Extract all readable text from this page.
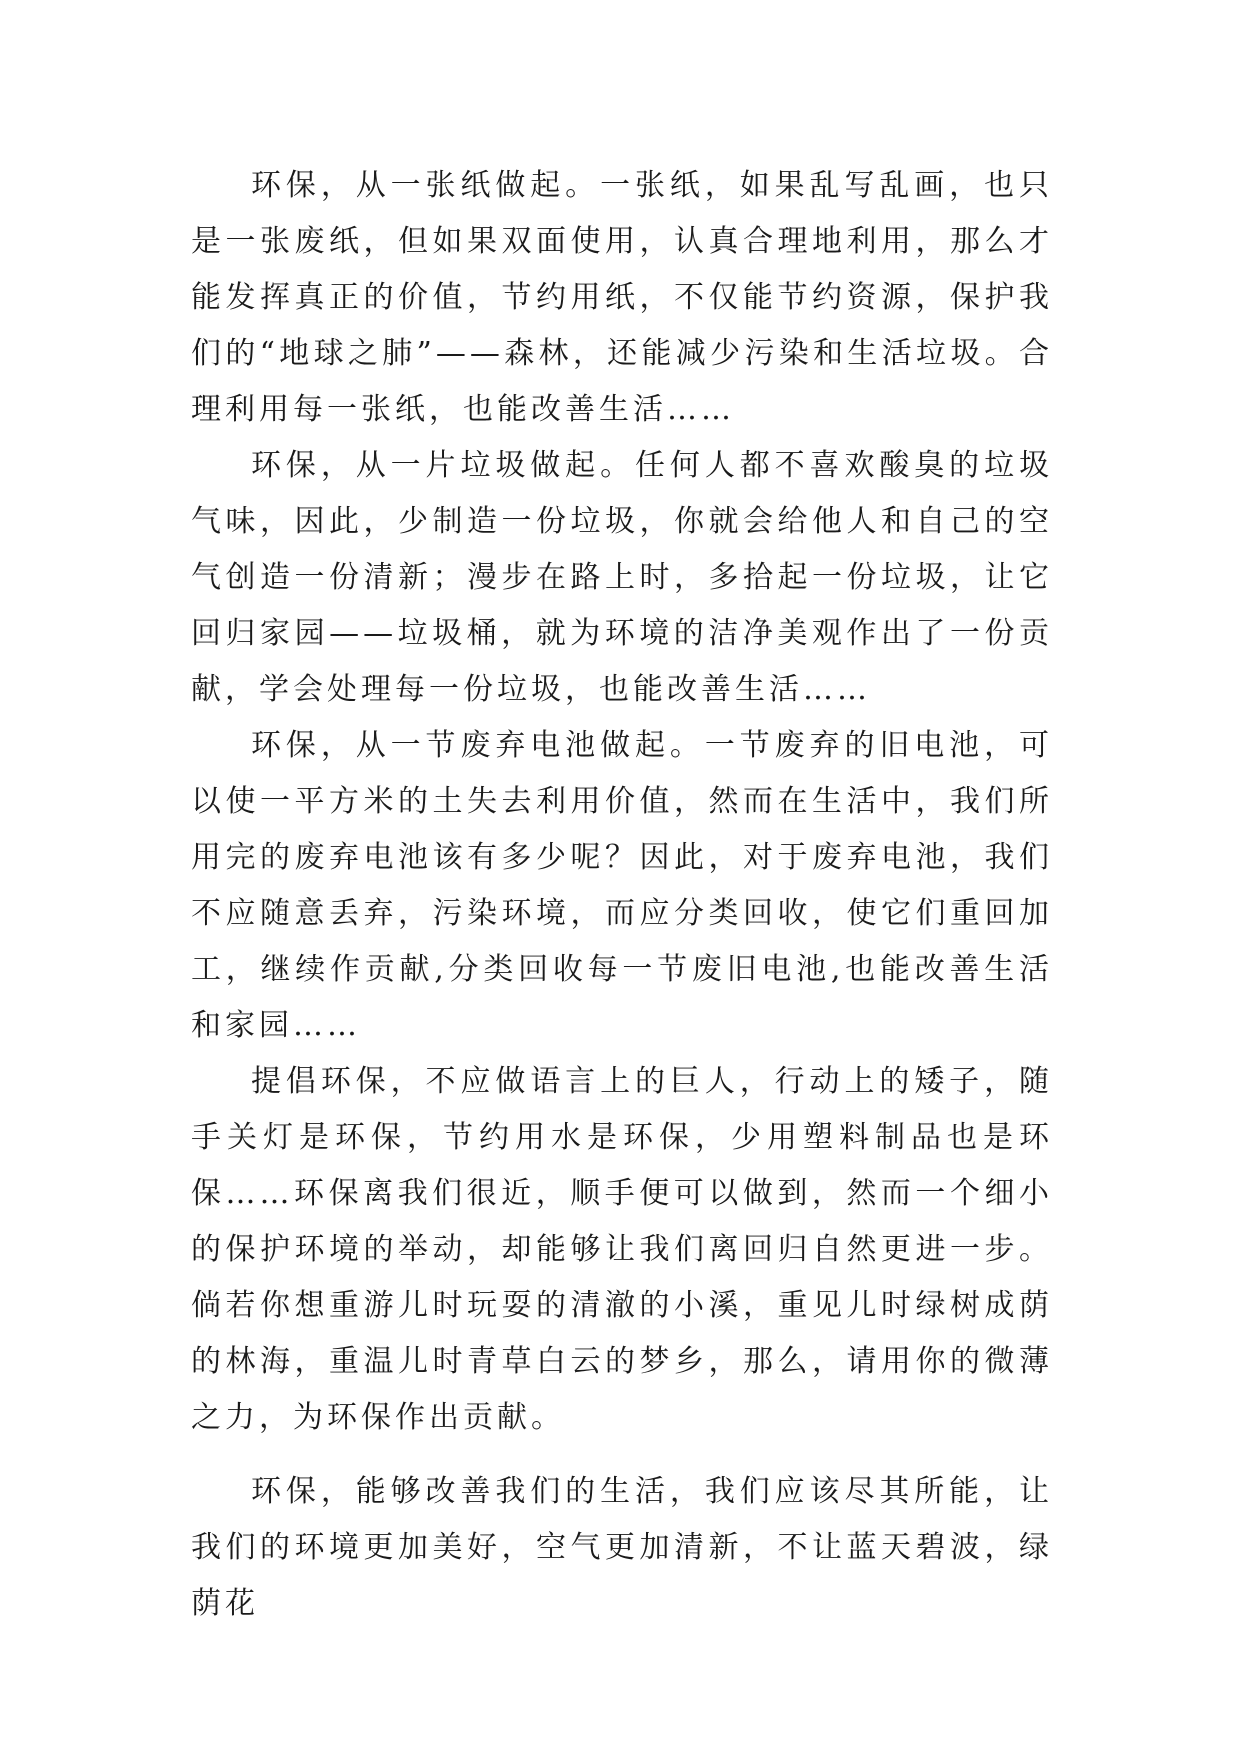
环保，从一张纸做起。一张纸，如果乱写乱画，也只是一张废纸，但如果双面使用，认真合理地利用，那么才能发挥真正的价值，节约用纸，不仅能节约资源，保护我们的“地球之肺”——森林，还能减少污染和生活垃圾。合理利用每一张纸，也能改善生活……

环保，从一片垃圾做起。任何人都不喜欢酸臭的垃圾气味，因此，少制造一份垃圾，你就会给他人和自己的空气创造一份清新；漫步在路上时，多拾起一份垃圾，让它回归家园——垃圾桶，就为环境的洁净美观作出了一份贡献，学会处理每一份垃圾，也能改善生活……

环保，从一节废弃电池做起。一节废弃的旧电池，可以使一平方米的土失去利用价值，然而在生活中，我们所用完的废弃电池该有多少呢？因此，对于废弃电池，我们不应随意丢弃，污染环境，而应分类回收，使它们重回加工，继续作贡献,分类回收每一节废旧电池,也能改善生活和家园……

提倡环保，不应做语言上的巨人，行动上的矮子，随手关灯是环保，节约用水是环保，少用塑料制品也是环保……环保离我们很近，顺手便可以做到，然而一个细小的保护环境的举动，却能够让我们离回归自然更进一步。倘若你想重游儿时玩耍的清澈的小溪，重见儿时绿树成荫的林海，重温儿时青草白云的梦乡，那么，请用你的微薄之力，为环保作出贡献。

环保，能够改善我们的生活，我们应该尽其所能，让我们的环境更加美好，空气更加清新，不让蓝天碧波，绿荫花
